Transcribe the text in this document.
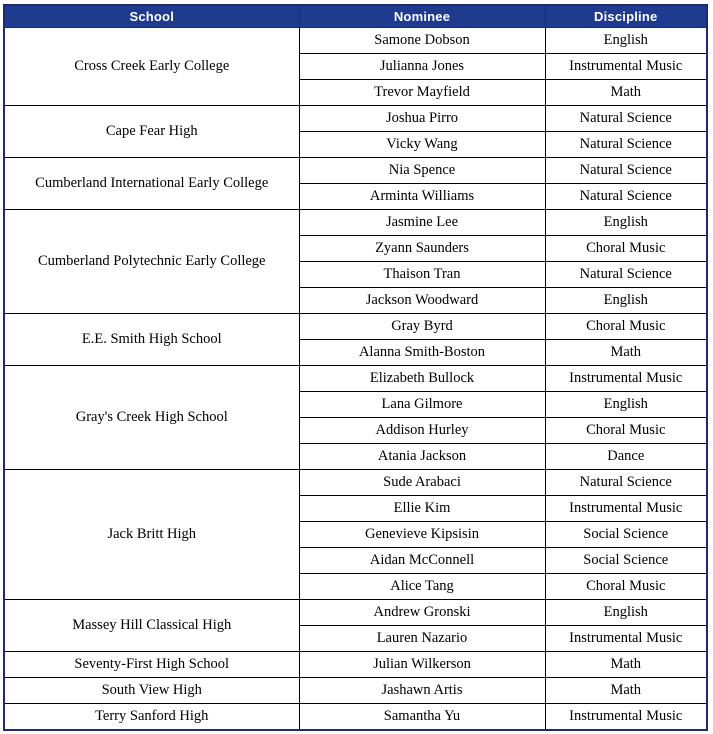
School	Nominee	Discipline
Cross Creek Early College	Samone Dobson	English
	Julianna Jones	Instrumental Music
	Trevor Mayfield	Math
Cape Fear High	Joshua Pirro	Natural Science
	Vicky Wang	Natural Science
Cumberland International Early College	Nia Spence	Natural Science
	Arminta Williams	Natural Science
Cumberland Polytechnic Early College	Jasmine Lee	English
	Zyann Saunders	Choral Music
	Thaison Tran	Natural Science
	Jackson Woodward	English
E.E. Smith High School	Gray Byrd	Choral Music
	Alanna Smith-Boston	Math
Gray's Creek High School	Elizabeth Bullock	Instrumental Music
	Lana Gilmore	English
	Addison Hurley	Choral Music
	Atania Jackson	Dance
Jack Britt High	Sude Arabaci	Natural Science
	Ellie Kim	Instrumental Music
	Genevieve Kipsisin	Social Science
	Aidan McConnell	Social Science
	Alice Tang	Choral Music
Massey Hill Classical High	Andrew Gronski	English
	Lauren Nazario	Instrumental Music
Seventy-First High School	Julian Wilkerson	Math
South View High	Jashawn Artis	Math
Terry Sanford High	Samantha Yu	Instrumental Music
